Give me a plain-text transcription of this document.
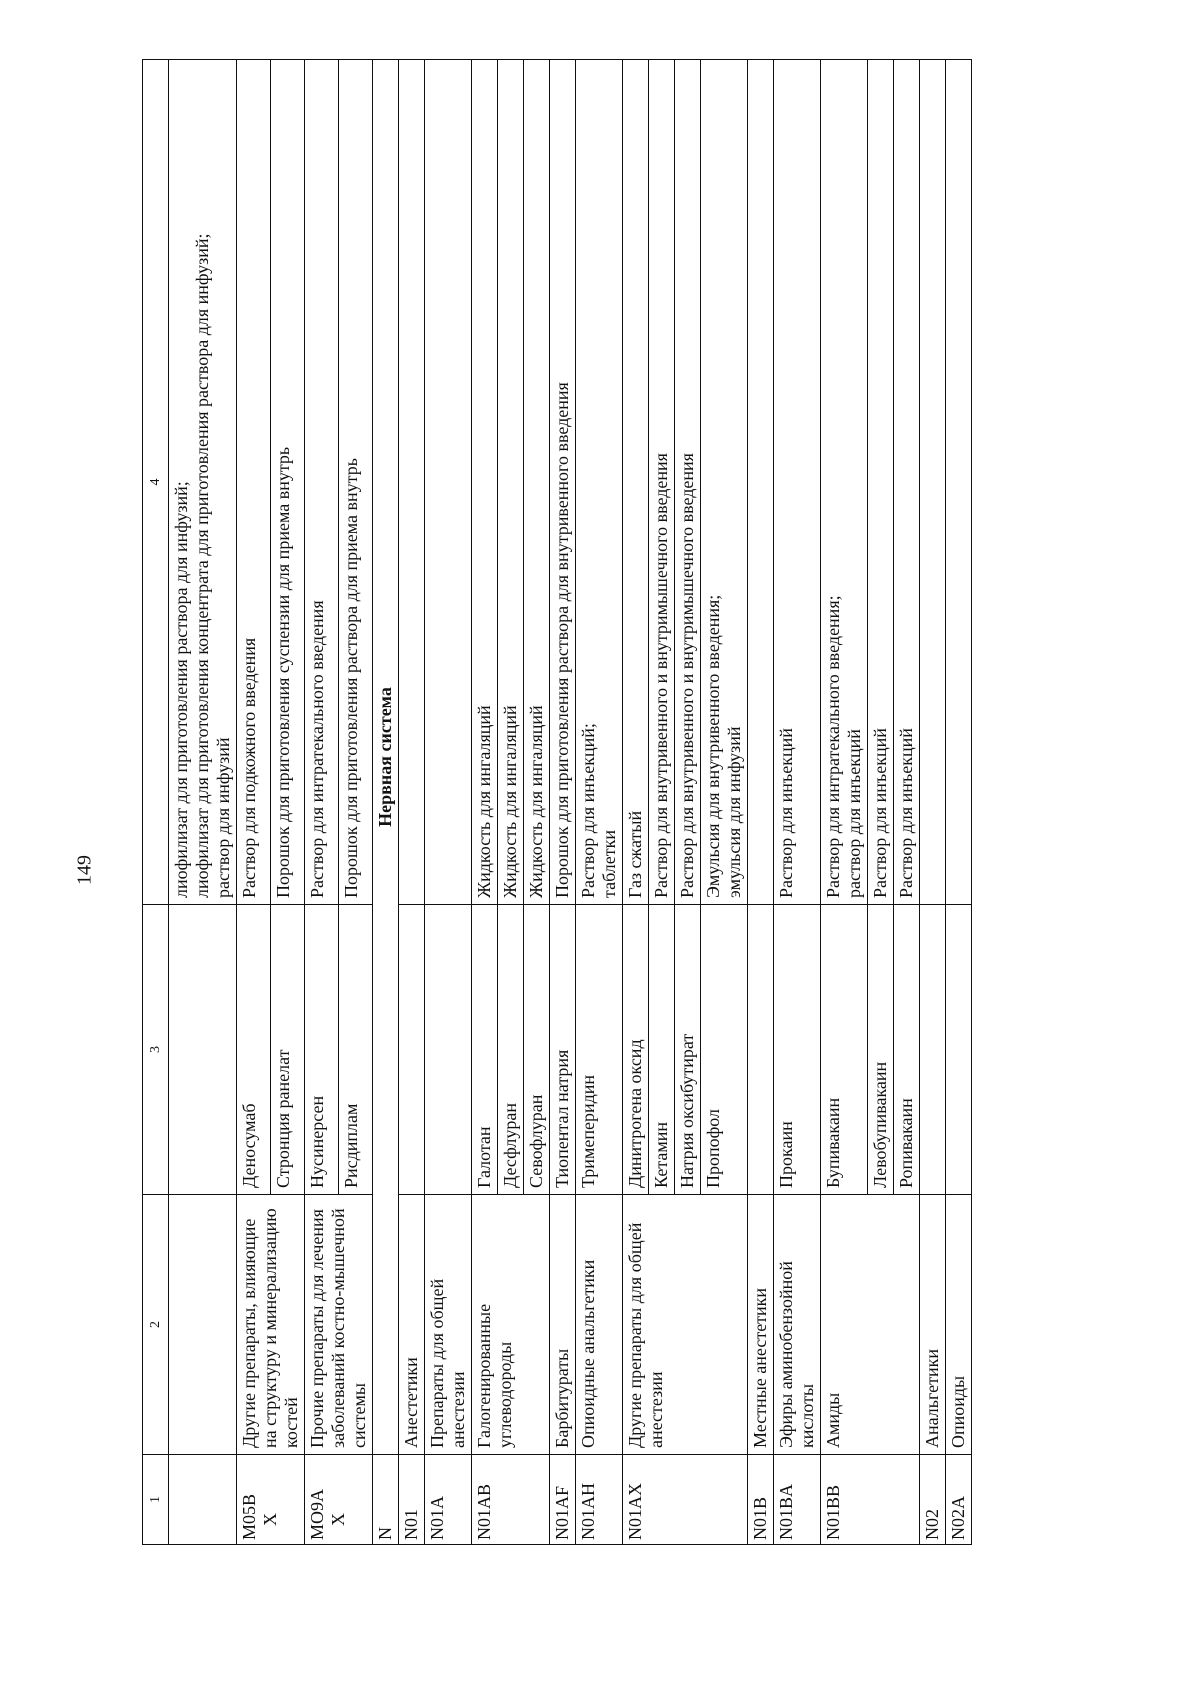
149
1	2	3	4

			лиофилизат для приготовления раствора для инфузий; лиофилизат для приготовления концентрата для приготовления раствора для инфузий; раствор для инфузий

M05B X	Другие препараты, влияющие на структуру и минерализацию костей	Деносумаб	Раствор для подкожного введения
		Стронция ранелат	Порошок для приготовления суспензии для приема внутрь

MO9A X	Прочие препараты для лечения заболеваний костно-мышечной системы	Нусинерсен	Раствор для интратекального введения
		Рисдиплам	Порошок для приготовления раствора для приема внутрь
N	Нервная система		
N01	Анестетики		
N01A	Препараты для общей анестезии		
N01AB	Галогенированные углеводороды	Галотан	Жидкость для ингаляций
		Десфлуран	Жидкость для ингаляций
		Севофлуран	Жидкость для ингаляций
N01AF	Барбитураты	Тиопентал натрия	Порошок для приготовления раствора для внутривенного введения
N01AH	Опиоидные анальгетики	Тримеперидин	Раствор для инъекций; таблетки

N01AX	Другие препараты для общей анестезии	Динитрогена оксид	Газ сжатый
		Кетамин	Раствор для внутривенного и внутримышечного введения
		Натрия оксибутират	Раствор для внутривенного и внутримышечного введения
		Пропофол	Эмульсия для внутривенного введения; эмульсия для инфузий

N01B	Местные анестетики		
N01BA	Эфиры аминобензойной кислоты	Прокаин	Раствор для инъекций
N01BB	Амиды	Бупивакаин	Раствор для интратекального введения; раствор для инъекций

		Левобупивакаин	Раствор для инъекций
		Ропивакаин	Раствор для инъекций
N02	Анальгетики		
N02A	Опиоиды		
